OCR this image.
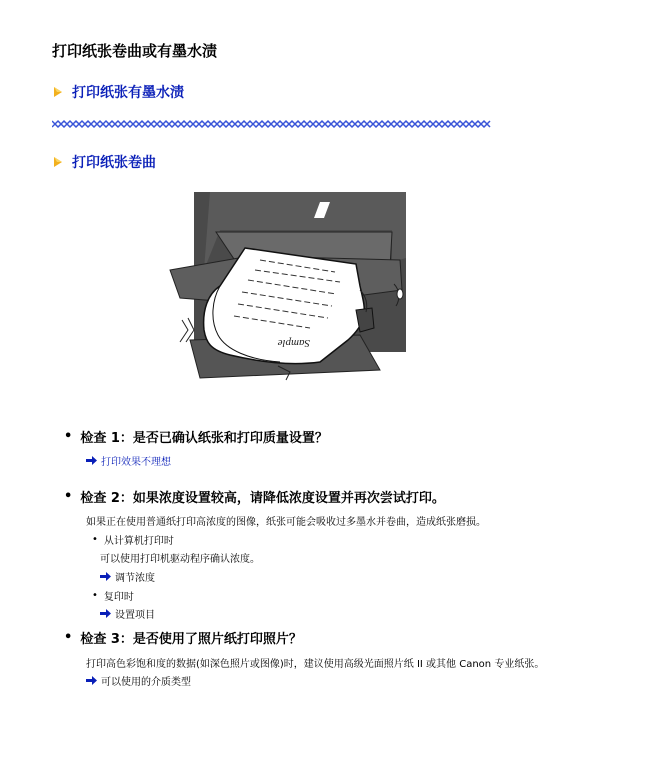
打印纸张卷曲或有墨水渍
打印纸张有墨水渍
打印纸张卷曲
Sample
• 检查 1：是否已确认纸张和打印质量设置？
打印效果不理想
• 检查 2：如果浓度设置较高，请降低浓度设置并再次尝试打印。
如果正在使用普通纸打印高浓度的图像，纸张可能会吸收过多墨水并卷曲，造成纸张磨损。
• 从计算机打印时
可以使用打印机驱动程序确认浓度。
调节浓度
• 复印时
设置项目
• 检查 3：是否使用了照片纸打印照片？
打印高色彩饱和度的数据(如深色照片或图像)时，建议使用高级光面照片纸 II 或其他 Canon 专业纸张。
可以使用的介质类型
